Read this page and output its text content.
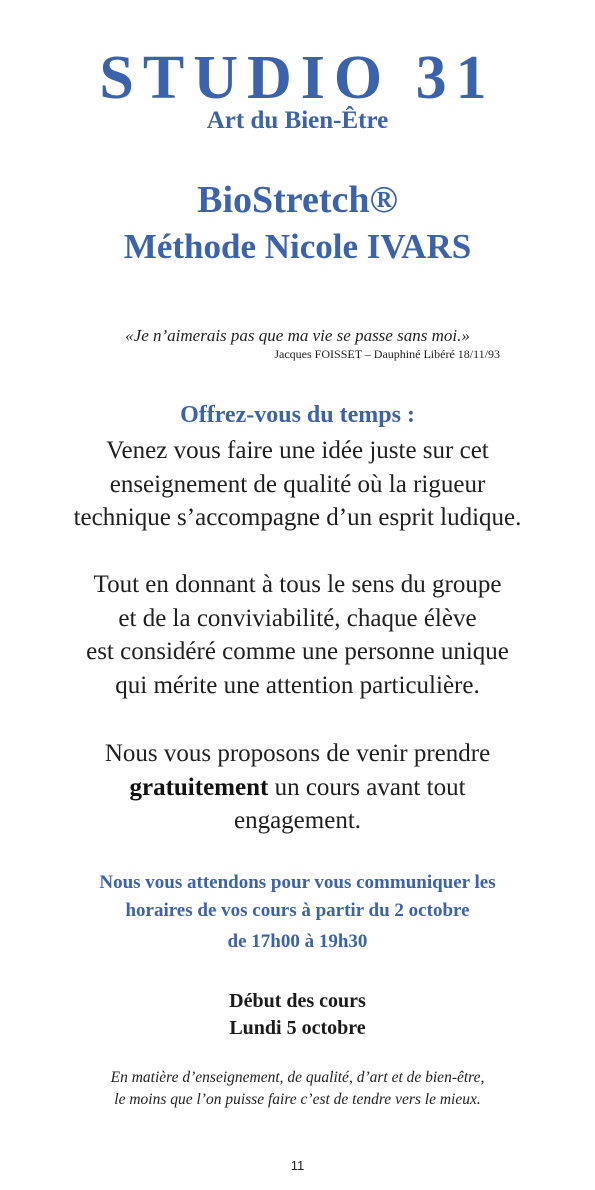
STUDIO 31
Art du Bien-Être
BioStretch®
Méthode Nicole IVARS
«Je n’aimerais pas que ma vie se passe sans moi.»
Jacques FOISSET – Dauphiné Libéré 18/11/93
Offrez-vous du temps :
Venez vous faire une idée juste sur cet
enseignement de qualité où la rigueur
technique s’accompagne d’un esprit ludique.
Tout en donnant à tous le sens du groupe
et de la conviviabilité, chaque élève
est considéré comme une personne unique
qui mérite une attention particulière.
Nous vous proposons de venir prendre
gratuitement un cours avant tout
engagement.
Nous vous attendons pour vous communiquer les
horaires de vos cours à partir du 2 octobre
de 17h00 à 19h30
Début des cours
Lundi 5 octobre
En matière d’enseignement, de qualité, d’art et de bien-être,
le moins que l’on puisse faire c’est de tendre vers le mieux.
11
